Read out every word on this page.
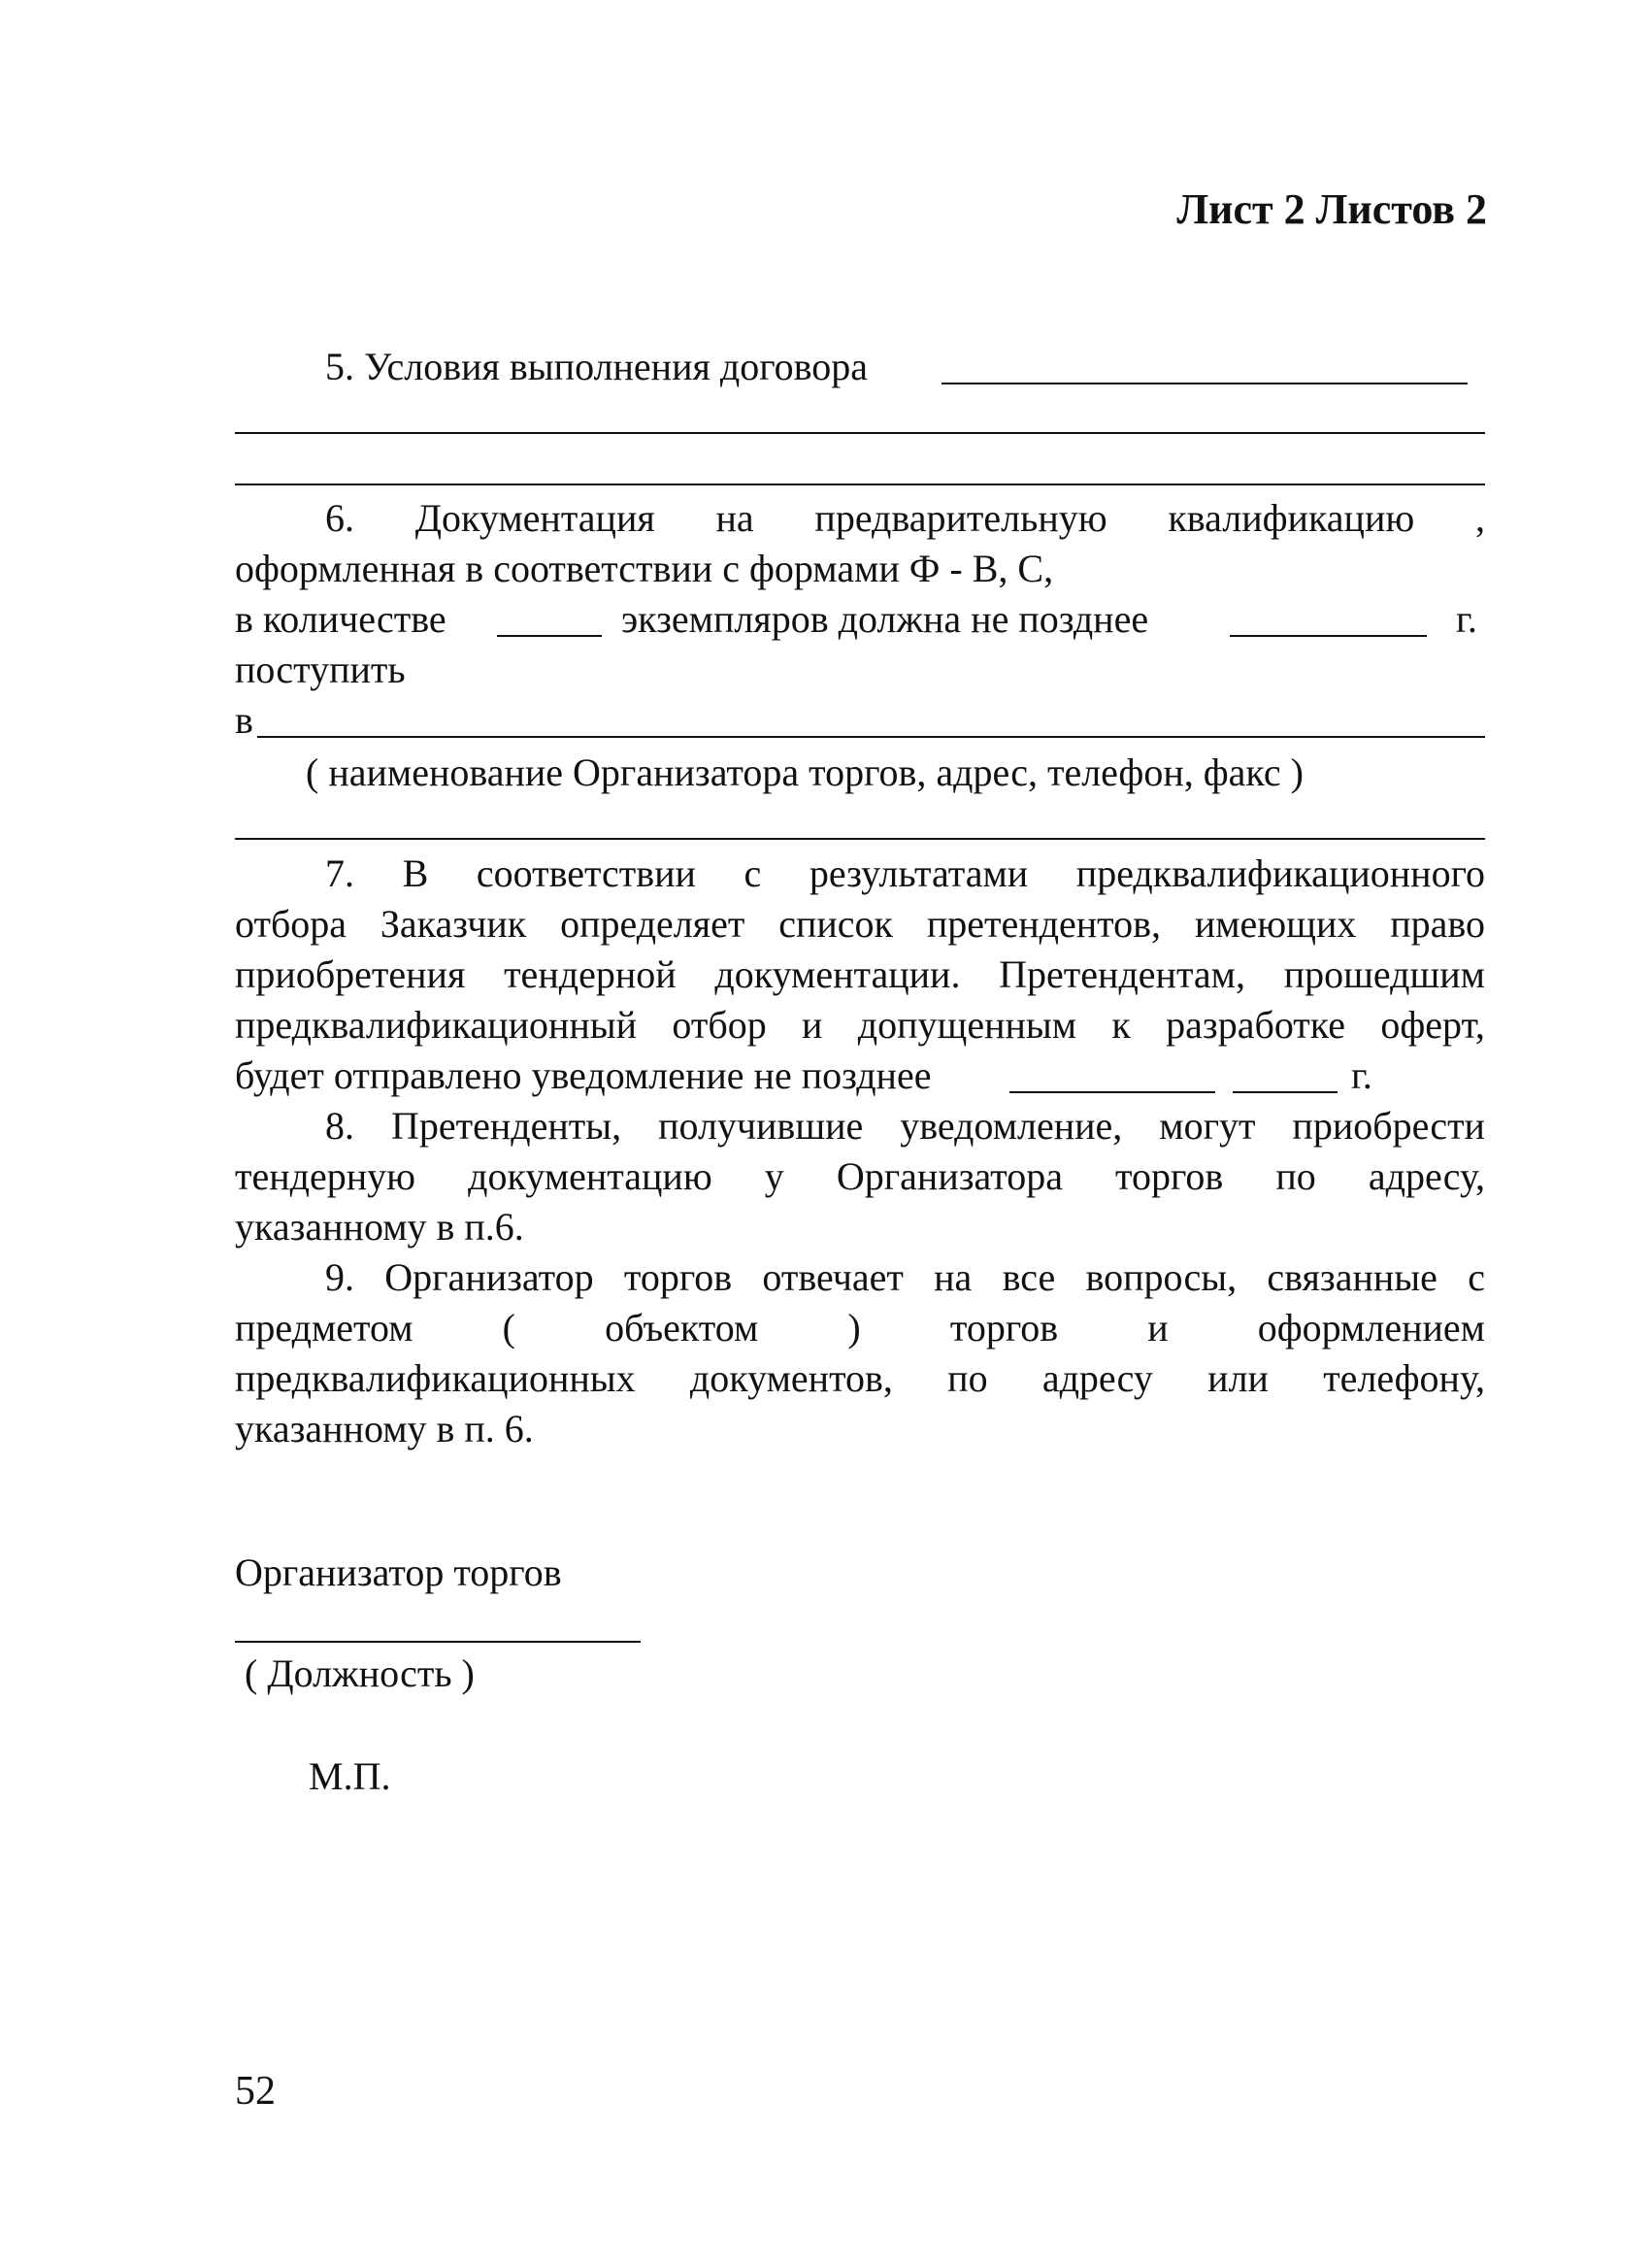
Лист 2 Листов 2
5. Условия выполнения договора
6. Документация на предварительную квалификацию ,
оформленная в соответствии с формами Ф - В, С,
в количестве	экземпляров должна не позднее	г.
поступить
в
( наименование Организатора торгов, адрес, телефон, факс )
7. В соответствии с результатами предквалификационного
отбора Заказчик определяет список претендентов, имеющих право
приобретения тендерной документации. Претендентам, прошедшим
предквалификационный отбор и допущенным к разработке оферт,
будет отправлено уведомление не позднее	г.
8. Претенденты, получившие уведомление, могут приобрести
тендерную документацию у Организатора торгов по адресу,
указанному в п.6.
9. Организатор торгов отвечает на все вопросы, связанные с
предметом ( объектом ) торгов и оформлением
предквалификационных документов, по адресу или телефону,
указанному в п. 6.
Организатор торгов
( Должность )
М.П.
52
